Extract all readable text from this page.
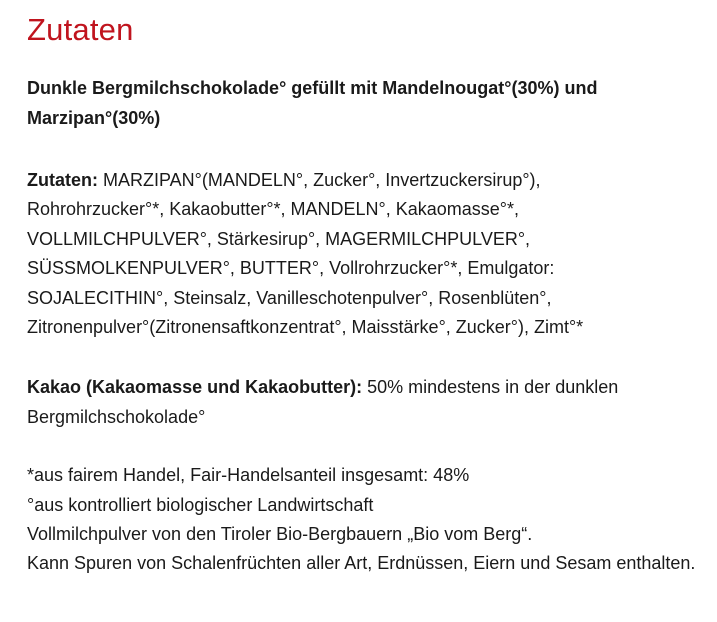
Zutaten

Dunkle Bergmilchschokolade° gefüllt mit Mandelnougat°(30%) und Marzipan°(30%)

Zutaten: MARZIPAN°(MANDELN°, Zucker°, Invertzuckersirup°), Rohrohrzucker°*, Kakaobutter°*, MANDELN°, Kakaomasse°*, VOLLMILCHPULVER°, Stärkesirup°, MAGERMILCHPULVER°, SÜSSMOLKENPULVER°, BUTTER°, Vollrohrzucker°*, Emulgator: SOJALECITHIN°, Steinsalz, Vanilleschotenpulver°, Rosenblüten°, Zitronenpulver°(Zitronensaftkonzentrat°, Maisstärke°, Zucker°), Zimt°*

Kakao (Kakaomasse und Kakaobutter): 50% mindestens in der dunklen Bergmilchschokolade°

*aus fairem Handel, Fair-Handelsanteil insgesamt: 48%
°aus kontrolliert biologischer Landwirtschaft
Vollmilchpulver von den Tiroler Bio-Bergbauern „Bio vom Berg“.
Kann Spuren von Schalenfrüchten aller Art, Erdnüssen, Eiern und Sesam enthalten.
